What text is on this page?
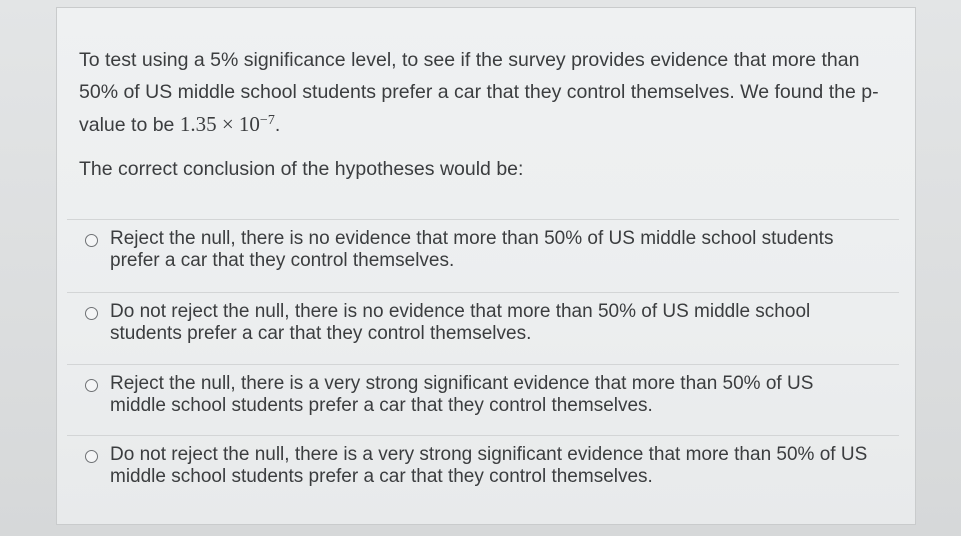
To test using a 5% significance level, to see if the survey provides evidence that more than 50% of US middle school students prefer a car that they control themselves. We found the p-value to be $1.35 \times 10^{-7}$.
The correct conclusion of the hypotheses would be:
Reject the null, there is no evidence that more than 50% of US middle school students prefer a car that they control themselves.
Do not reject the null, there is no evidence that more than 50% of US middle school students prefer a car that they control themselves.
Reject the null, there is a very strong significant evidence that more than 50% of US middle school students prefer a car that they control themselves.
Do not reject the null, there is a very strong significant evidence that more than 50% of US middle school students prefer a car that they control themselves.
